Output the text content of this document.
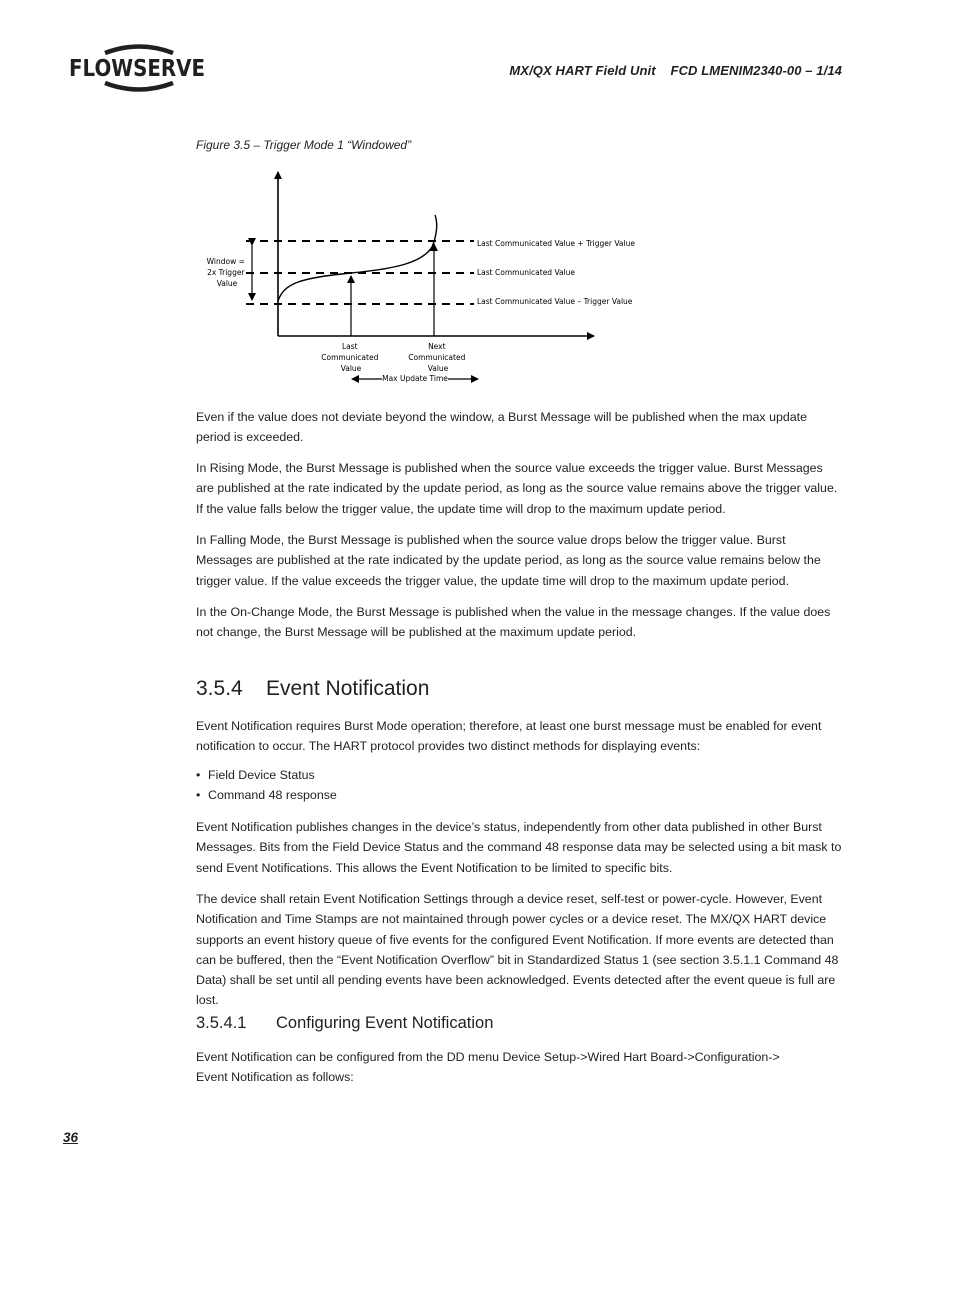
FLOWSERVE	MX/QX HART Field Unit    FCD LMENIM2340-00 – 1/14
Figure 3.5 – Trigger Mode 1 “Windowed”
Last Communicated Value + Trigger Value
Last Communicated Value
Last Communicated Value – Trigger Value
Window = 2x Trigger Value
Last Communicated Value
Next Communicated Value
Max Update Time

Even if the value does not deviate beyond the window, a Burst Message will be published when the max update period is exceeded.

In Rising Mode, the Burst Message is published when the source value exceeds the trigger value. Burst Messages are published at the rate indicated by the update period, as long as the source value remains above the trigger value. If the value falls below the trigger value, the update time will drop to the maximum update period.

In Falling Mode, the Burst Message is published when the source value drops below the trigger value. Burst Messages are published at the rate indicated by the update period, as long as the source value remains below the trigger value. If the value exceeds the trigger value, the update time will drop to the maximum update period.

In the On-Change Mode, the Burst Message is published when the value in the message changes. If the value does not change, the Burst Message will be published at the maximum update period.

3.5.4 Event Notification

Event Notification requires Burst Mode operation; therefore, at least one burst message must be enabled for event notification to occur. The HART protocol provides two distinct methods for displaying events:

• Field Device Status
• Command 48 response

Event Notification publishes changes in the device’s status, independently from other data published in other Burst Messages. Bits from the Field Device Status and the command 48 response data may be selected using a bit mask to send Event Notifications. This allows the Event Notification to be limited to specific bits.

The device shall retain Event Notification Settings through a device reset, self-test or power-cycle. However, Event Notification and Time Stamps are not maintained through power cycles or a device reset. The MX/QX HART device supports an event history queue of five events for the configured Event Notification. If more events are detected than can be buffered, then the “Event Notification Overflow” bit in Standardized Status 1 (see section 3.5.1.1 Command 48 Data) shall be set until all pending events have been acknowledged. Events detected after the event queue is full are lost.

3.5.4.1 Configuring Event Notification

Event Notification can be configured from the DD menu Device Setup->Wired Hart Board->Configuration->

Event Notification as follows:

36
